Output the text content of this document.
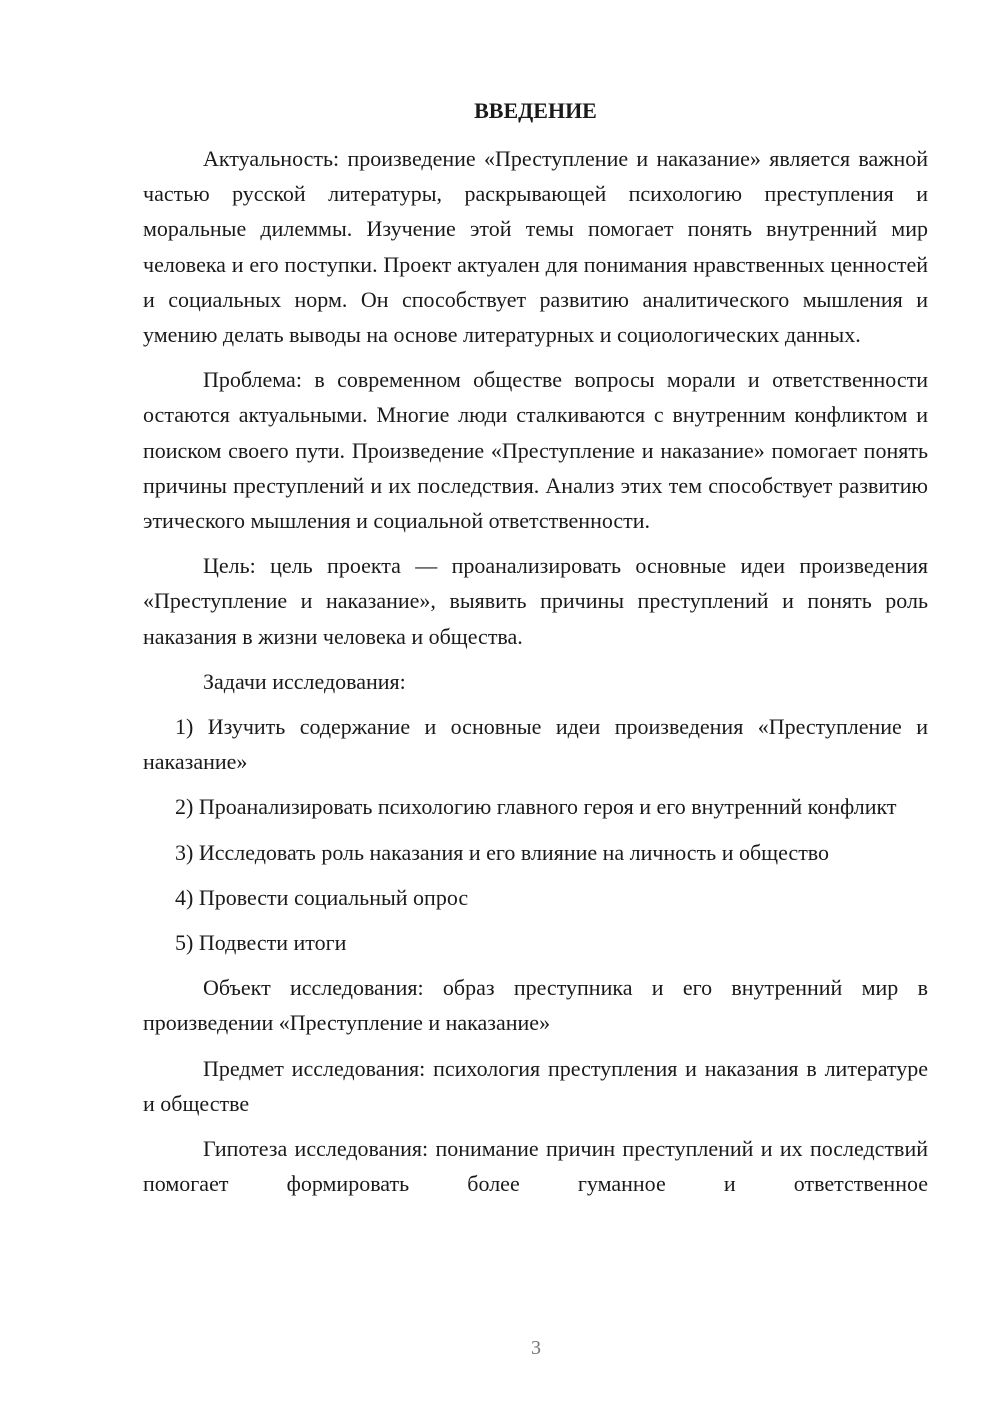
ВВЕДЕНИЕ

Актуальность: произведение «Преступление и наказание» является важной частью русской литературы, раскрывающей психологию преступления и моральные дилеммы. Изучение этой темы помогает понять внутренний мир человека и его поступки. Проект актуален для понимания нравственных ценностей и социальных норм. Он способствует развитию аналитического мышления и умению делать выводы на основе литературных и социологических данных.

Проблема: в современном обществе вопросы морали и ответственности остаются актуальными. Многие люди сталкиваются с внутренним конфликтом и поиском своего пути. Произведение «Преступление и наказание» помогает понять причины преступлений и их последствия. Анализ этих тем способствует развитию этического мышления и социальной ответственности.

Цель: цель проекта — проанализировать основные идеи произведения «Преступление и наказание», выявить причины преступлений и понять роль наказания в жизни человека и общества.

Задачи исследования:

1) Изучить содержание и основные идеи произведения «Преступление и наказание»

2) Проанализировать психологию главного героя и его внутренний конфликт

3) Исследовать роль наказания и его влияние на личность и общество

4) Провести социальный опрос

5) Подвести итоги

Объект исследования: образ преступника и его внутренний мир в произведении «Преступление и наказание»

Предмет исследования: психология преступления и наказания в литературе и обществе

Гипотеза исследования: понимание причин преступлений и их последствий помогает формировать более гуманное и ответственное

3
